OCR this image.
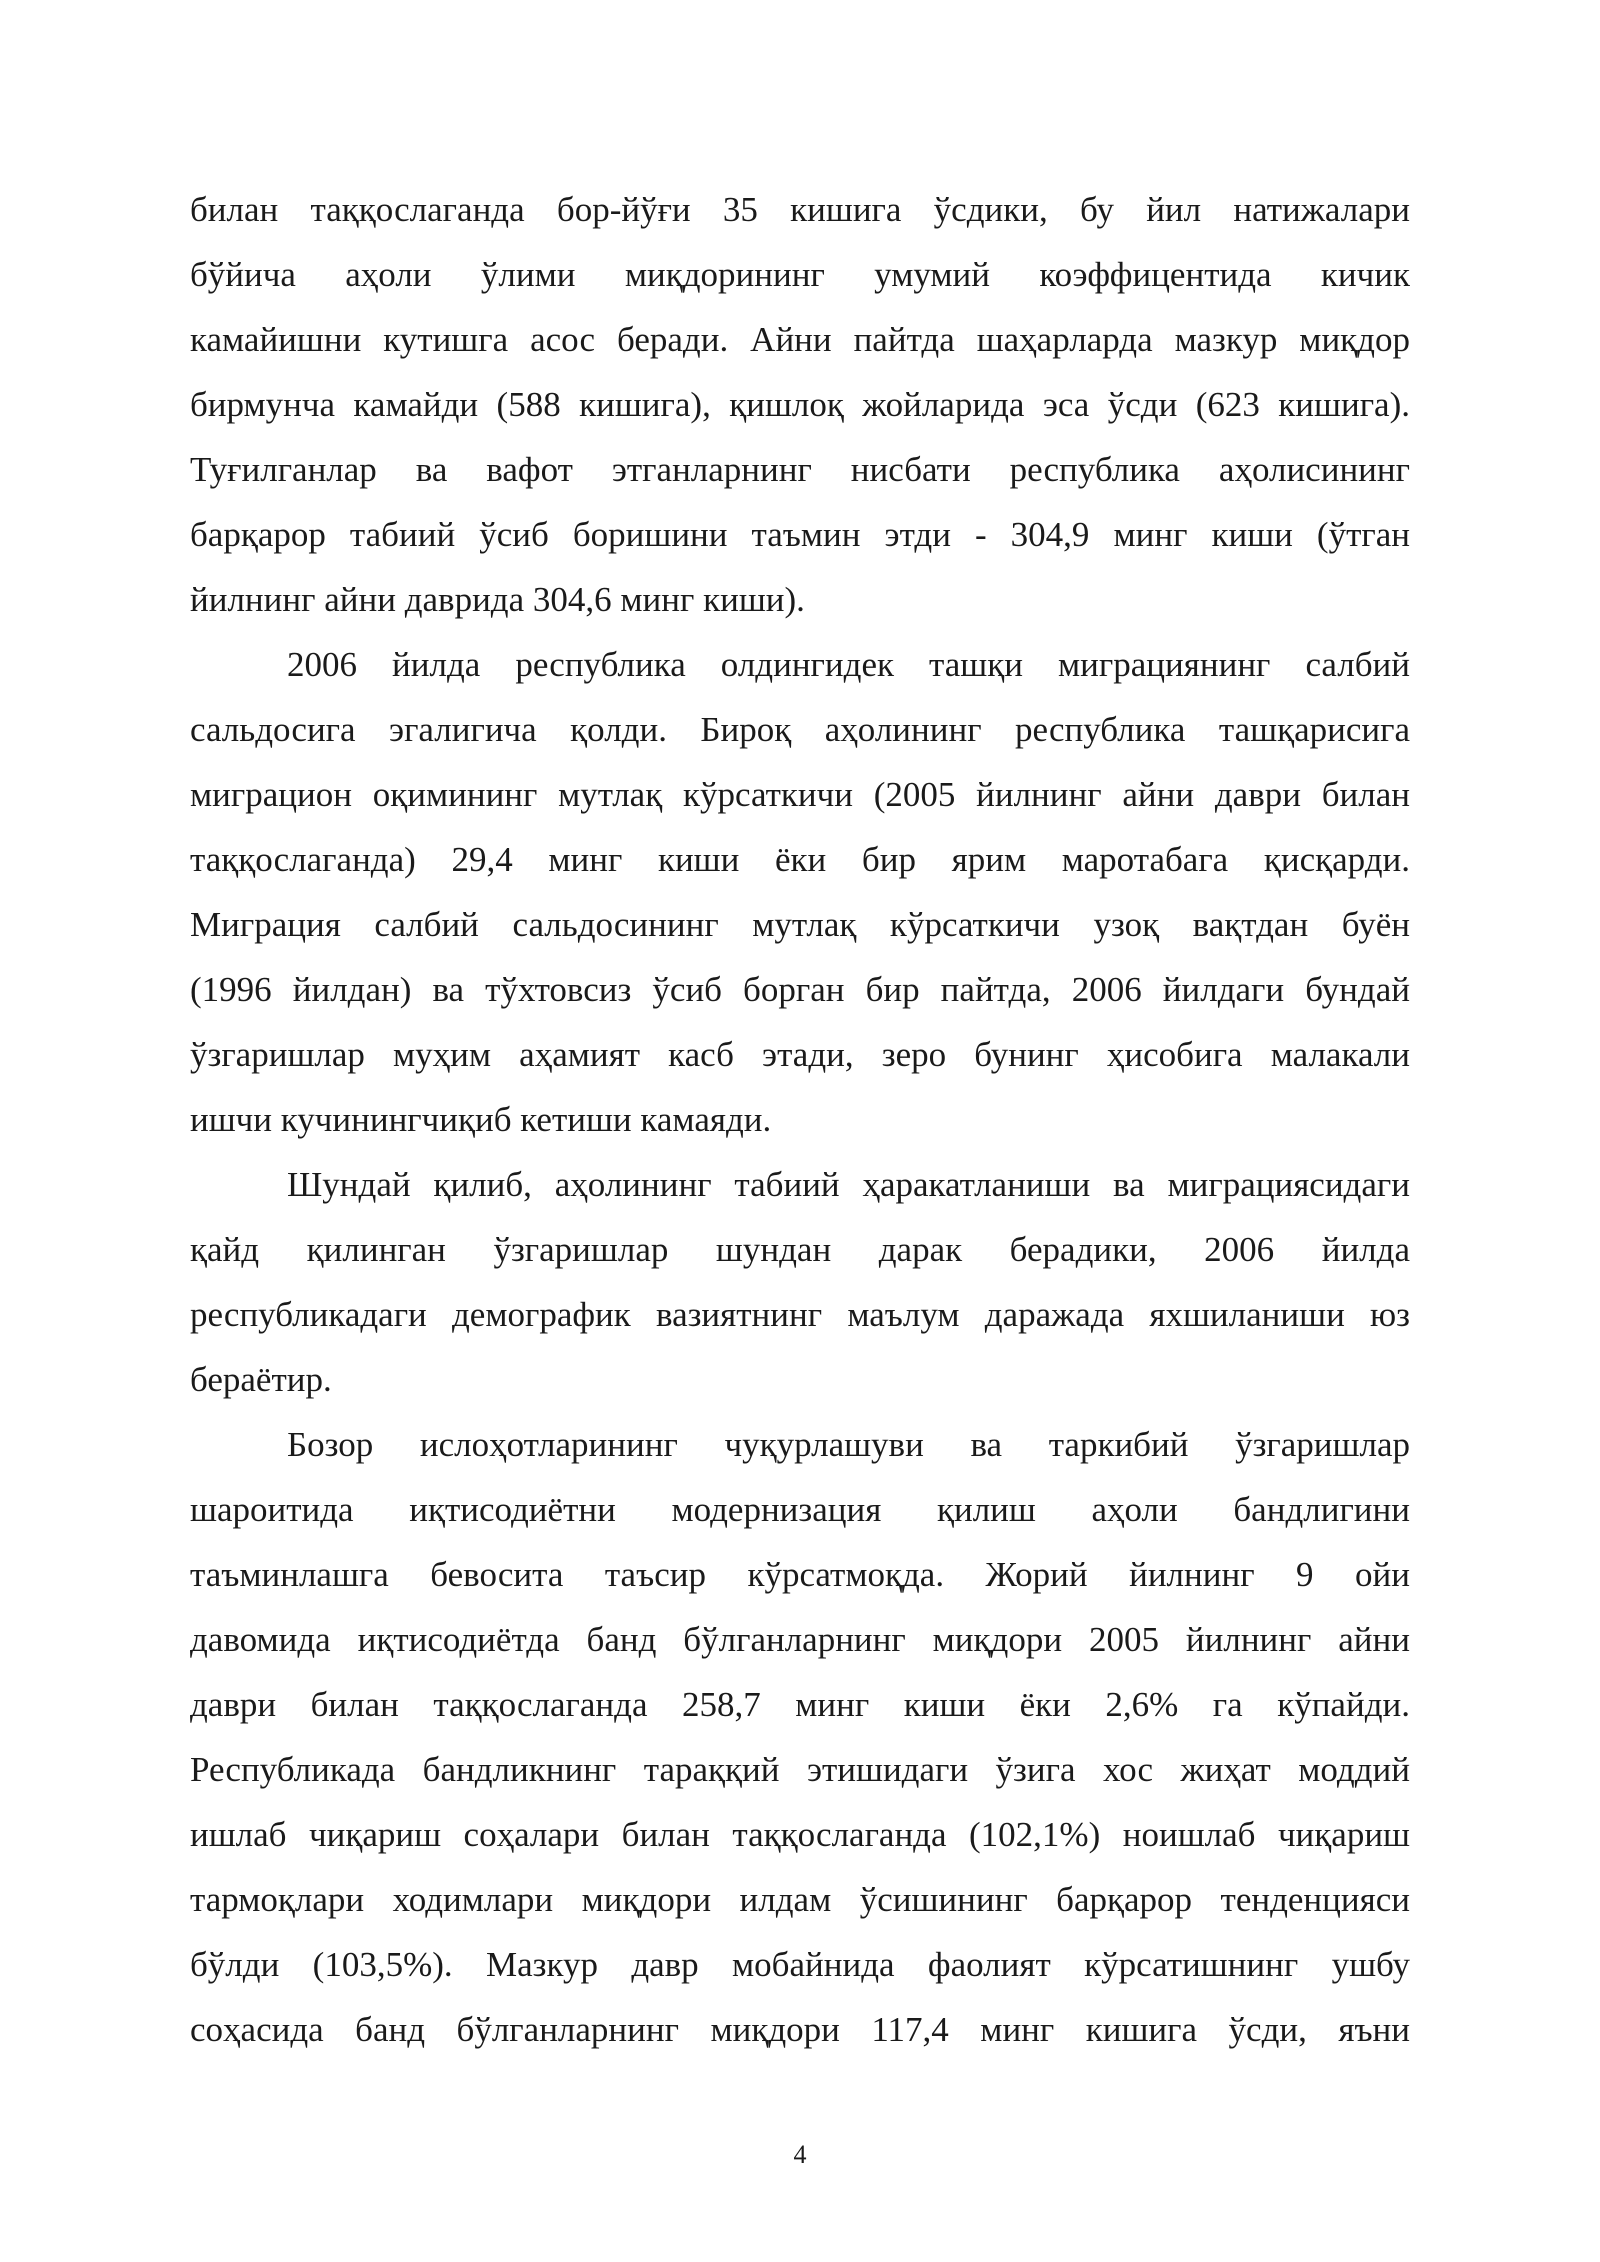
билан таққослаганда бор-йўғи 35 кишига ўсдики, бу йил натижалари
бўйича аҳоли ўлими миқдорининг умумий коэффицентида кичик
камайишни кутишга асос беради. Айни пайтда шаҳарларда мазкур миқдор
бирмунча камайди (588 кишига), қишлоқ жойларида эса ўсди (623 кишига).
Туғилганлар ва вафот этганларнинг нисбати республика аҳолисининг
барқарор табиий ўсиб боришини таъмин этди - 304,9 минг киши (ўтган
йилнинг айни даврида 304,6 минг киши).
2006 йилда республика олдингидек ташқи миграциянинг салбий
сальдосига эгалигича қолди. Бироқ аҳолининг республика ташқарисига
миграцион оқимининг мутлақ кўрсаткичи (2005 йилнинг айни даври билан
таққослаганда) 29,4 минг киши ёки бир ярим маротабага қисқарди.
Миграция салбий сальдосининг мутлақ кўрсаткичи узоқ вақтдан буён
(1996 йилдан) ва тўхтовсиз ўсиб борган бир пайтда, 2006 йилдаги бундай
ўзгаришлар муҳим аҳамият касб этади, зеро бунинг ҳисобига малакали
ишчи кучинингчиқиб кетиши камаяди.
Шундай қилиб, аҳолининг табиий ҳаракатланиши ва миграциясидаги
қайд қилинган ўзгаришлар шундан дарак берадики, 2006 йилда
республикадаги демографик вазиятнинг маълум даражада яхшиланиши юз
бераётир.
Бозор ислоҳотларининг чуқурлашуви ва таркибий ўзгаришлар
шароитида иқтисодиётни модернизация қилиш аҳоли бандлигини
таъминлашга бевосита таъсир кўрсатмоқда. Жорий йилнинг 9 ойи
давомида иқтисодиётда банд бўлганларнинг миқдори 2005 йилнинг айни
даври билан таққослаганда 258,7 минг киши ёки 2,6% га кўпайди.
Республикада бандликнинг тараққий этишидаги ўзига хос жиҳат моддий
ишлаб чиқариш соҳалари билан таққослаганда (102,1%) ноишлаб чиқариш
тармоқлари ходимлари миқдори илдам ўсишининг барқарор тенденцияси
бўлди (103,5%). Мазкур давр мобайнида фаолият кўрсатишнинг ушбу
соҳасида банд бўлганларнинг миқдори 117,4 минг кишига ўсди, яъни
4
